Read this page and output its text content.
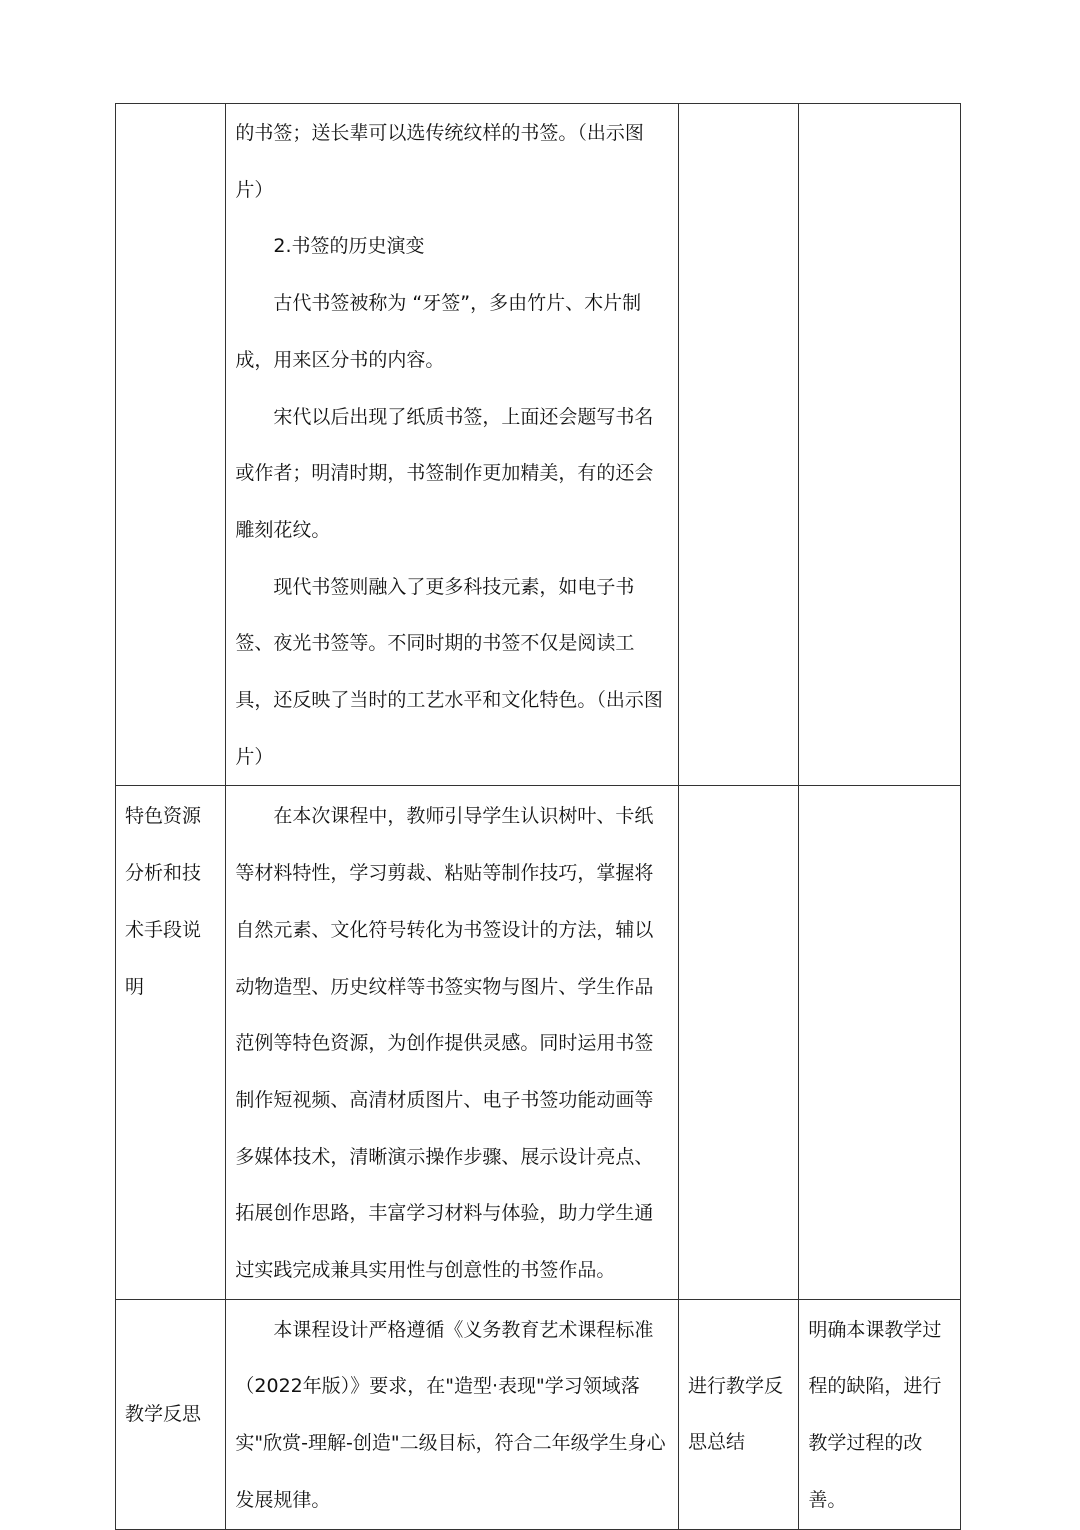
	的书签；送长辈可以选传统纹样的书签。（出示图片）

2.书签的历史演变

古代书签被称为 “牙签”，多由竹片、木片制成，用来区分书的内容。

宋代以后出现了纸质书签，上面还会题写书名或作者；明清时期，书签制作更加精美，有的还会雕刻花纹。

现代书签则融入了更多科技元素，如电子书签、夜光书签等。不同时期的书签不仅是阅读工具，还反映了当时的工艺水平和文化特色。（出示图片）		

特色资源分析和技术手段说明	在本次课程中，教师引导学生认识树叶、卡纸等材料特性，学习剪裁、粘贴等制作技巧，掌握将自然元素、文化符号转化为书签设计的方法，辅以动物造型、历史纹样等书签实物与图片、学生作品范例等特色资源，为创作提供灵感。同时运用书签制作短视频、高清材质图片、电子书签功能动画等多媒体技术，清晰演示操作步骤、展示设计亮点、拓展创作思路，丰富学习材料与体验，助力学生通过实践完成兼具实用性与创意性的书签作品。		

教学反思	本课程设计严格遵循《义务教育艺术课程标准（2022年版）》要求，在"造型·表现"学习领域落实"欣赏-理解-创造"二级目标，符合二年级学生身心发展规律。	进行教学反思总结	明确本课教学过程的缺陷，进行教学过程的改善。
